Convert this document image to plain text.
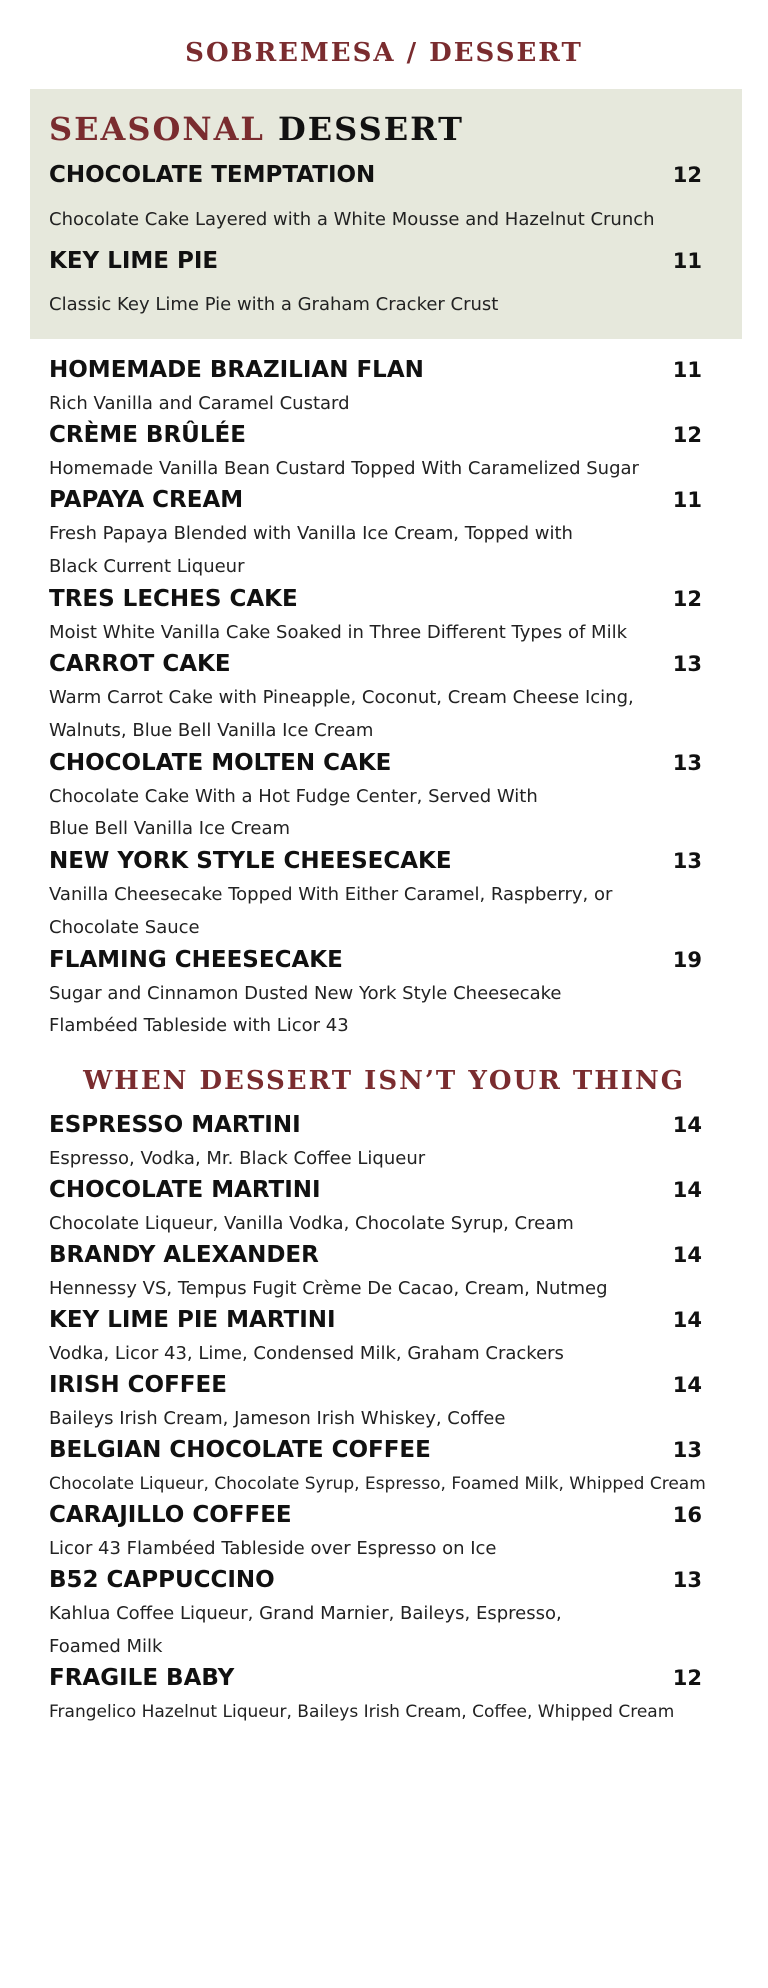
SOBREMESA / DESSERT
SEASONAL DESSERT
CHOCOLATE TEMPTATION	12
Chocolate Cake Layered with a White Mousse and Hazelnut Crunch
KEY LIME PIE	11
Classic Key Lime Pie with a Graham Cracker Crust
HOMEMADE BRAZILIAN FLAN	11
Rich Vanilla and Caramel Custard
CRÈME BRÛLÉE	12
Homemade Vanilla Bean Custard Topped With Caramelized Sugar
PAPAYA CREAM	11
Fresh Papaya Blended with Vanilla Ice Cream, Topped with
Black Current Liqueur
TRES LECHES CAKE	12
Moist White Vanilla Cake Soaked in Three Different Types of Milk
CARROT CAKE	13
Warm Carrot Cake with Pineapple, Coconut, Cream Cheese Icing,
Walnuts, Blue Bell Vanilla Ice Cream
CHOCOLATE MOLTEN CAKE	13
Chocolate Cake With a Hot Fudge Center, Served With
Blue Bell Vanilla Ice Cream
NEW YORK STYLE CHEESECAKE	13
Vanilla Cheesecake Topped With Either Caramel, Raspberry, or
Chocolate Sauce
FLAMING CHEESECAKE	19
Sugar and Cinnamon Dusted New York Style Cheesecake
Flambéed Tableside with Licor 43
WHEN DESSERT ISN’T YOUR THING
ESPRESSO MARTINI	14
Espresso, Vodka, Mr. Black Coffee Liqueur
CHOCOLATE MARTINI	14
Chocolate Liqueur, Vanilla Vodka, Chocolate Syrup, Cream
BRANDY ALEXANDER	14
Hennessy VS, Tempus Fugit Crème De Cacao, Cream, Nutmeg
KEY LIME PIE MARTINI	14
Vodka, Licor 43, Lime, Condensed Milk, Graham Crackers
IRISH COFFEE	14
Baileys Irish Cream, Jameson Irish Whiskey, Coffee
BELGIAN CHOCOLATE COFFEE	13
Chocolate Liqueur, Chocolate Syrup, Espresso, Foamed Milk, Whipped Cream
CARAJILLO COFFEE	16
Licor 43 Flambéed Tableside over Espresso on Ice
B52 CAPPUCCINO	13
Kahlua Coffee Liqueur, Grand Marnier, Baileys, Espresso,
Foamed Milk
FRAGILE BABY	12
Frangelico Hazelnut Liqueur, Baileys Irish Cream, Coffee, Whipped Cream
